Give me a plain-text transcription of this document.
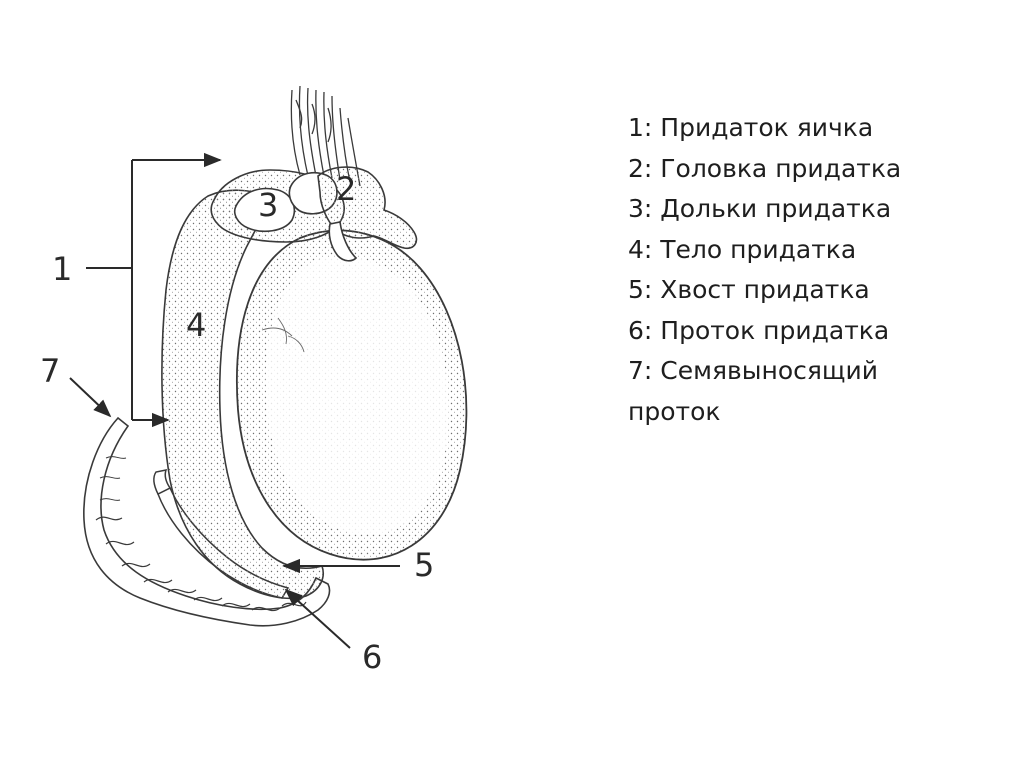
1
2
3
4
5
6
7

1: Придаток яичка

2: Головка придатка

3: Дольки придатка

4: Тело придатка

5: Хвост придатка

6: Проток придатка

7: Семявыносящий проток
